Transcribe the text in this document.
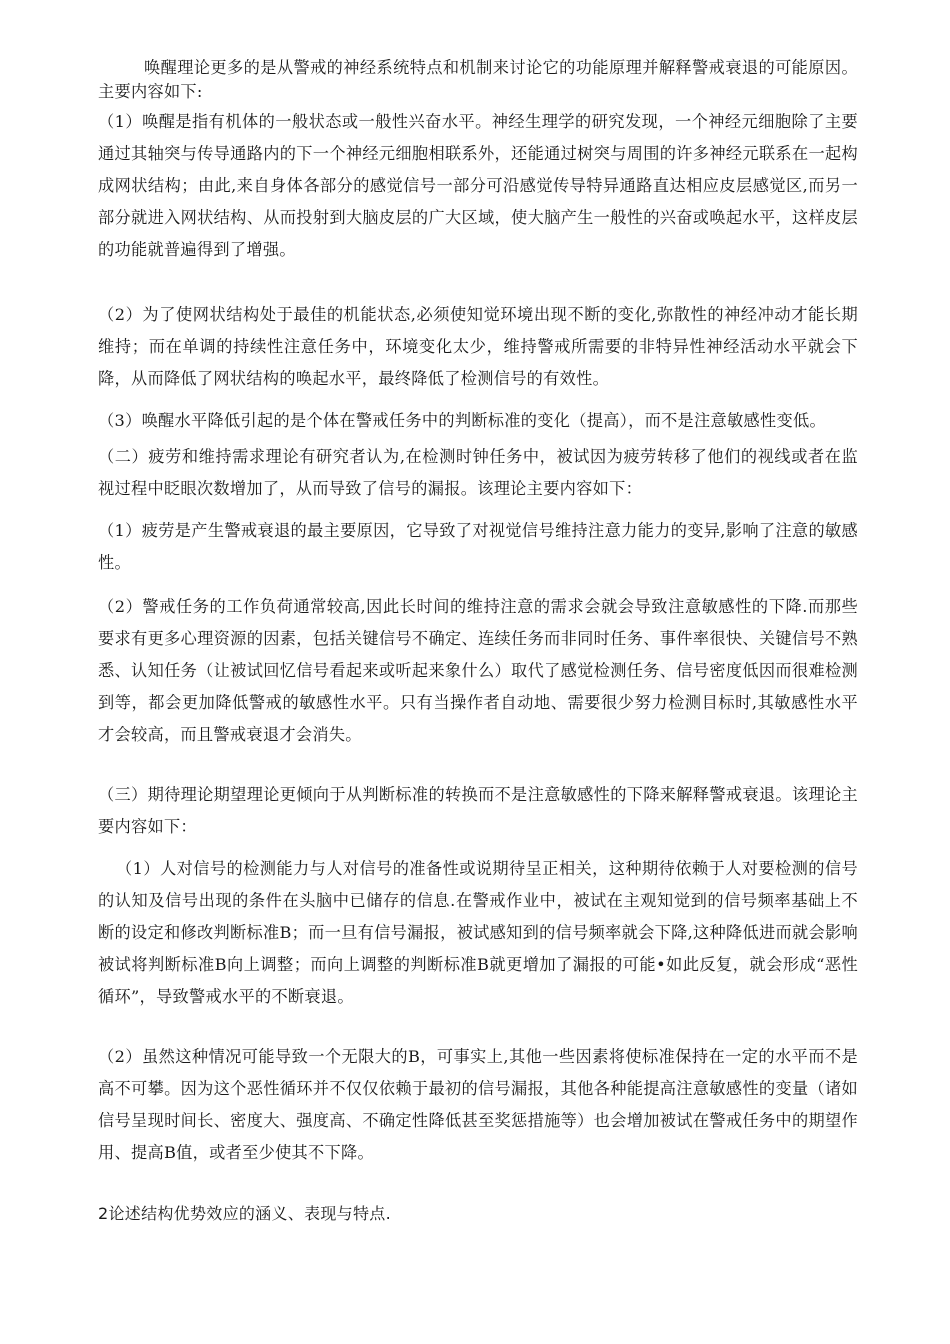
唤醒理论更多的是从警戒的神经系统特点和机制来讨论它的功能原理并解释警戒衰退的可能原因。主要内容如下:

（1）唤醒是指有机体的一般状态或一般性兴奋水平。神经生理学的研究发现，一个神经元细胞除了主要通过其轴突与传导通路内的下一个神经元细胞相联系外，还能通过树突与周围的许多神经元联系在一起构成网状结构；由此,来自身体各部分的感觉信号一部分可沿感觉传导特异通路直达相应皮层感觉区,而另一部分就进入网状结构、从而投射到大脑皮层的广大区域，使大脑产生一般性的兴奋或唤起水平，这样皮层的功能就普遍得到了增强。

（2）为了使网状结构处于最佳的机能状态,必须使知觉环境出现不断的变化,弥散性的神经冲动才能长期维持；而在单调的持续性注意任务中，环境变化太少，维持警戒所需要的非特异性神经活动水平就会下降，从而降低了网状结构的唤起水平，最终降低了检测信号的有效性。

（3）唤醒水平降低引起的是个体在警戒任务中的判断标准的变化（提高），而不是注意敏感性变低。

（二）疲劳和维持需求理论有研究者认为,在检测时钟任务中，被试因为疲劳转移了他们的视线或者在监视过程中眨眼次数增加了，从而导致了信号的漏报。该理论主要内容如下：

（1）疲劳是产生警戒衰退的最主要原因，它导致了对视觉信号维持注意力能力的变异,影响了注意的敏感性。

（2）警戒任务的工作负荷通常较高,因此长时间的维持注意的需求会就会导致注意敏感性的下降.而那些要求有更多心理资源的因素，包括关键信号不确定、连续任务而非同时任务、事件率很快、关键信号不熟悉、认知任务（让被试回忆信号看起来或听起来象什么）取代了感觉检测任务、信号密度低因而很难检测到等，都会更加降低警戒的敏感性水平。只有当操作者自动地、需要很少努力检测目标时,其敏感性水平才会较高，而且警戒衰退才会消失。

（三）期待理论期望理论更倾向于从判断标准的转换而不是注意敏感性的下降来解释警戒衰退。该理论主要内容如下：

（1）人对信号的检测能力与人对信号的准备性或说期待呈正相关，这种期待依赖于人对要检测的信号的认知及信号出现的条件在头脑中已储存的信息.在警戒作业中，被试在主观知觉到的信号频率基础上不断的设定和修改判断标准B；而一旦有信号漏报，被试感知到的信号频率就会下降,这种降低进而就会影响被试将判断标准B向上调整；而向上调整的判断标准B就更增加了漏报的可能•如此反复，就会形成“恶性循环”，导致警戒水平的不断衰退。

（2）虽然这种情况可能导致一个无限大的B，可事实上,其他一些因素将使标准保持在一定的水平而不是高不可攀。因为这个恶性循环并不仅仅依赖于最初的信号漏报，其他各种能提高注意敏感性的变量（诸如信号呈现时间长、密度大、强度高、不确定性降低甚至奖惩措施等）也会增加被试在警戒任务中的期望作用、提高B值，或者至少使其不下降。

2论述结构优势效应的涵义、表现与特点.
